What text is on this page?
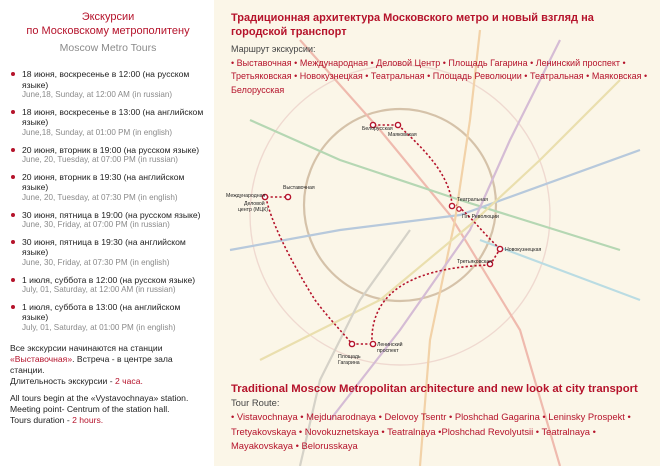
Экскурсии
по Московскому метрополитену
Moscow Metro Tours
18 июня, воскресенье в 12:00 (на русском языке)
June,18, Sunday, at 12:00 AM (in russian)
18 июня, воскресенье в 13:00 (на английском языке)
June,18, Sunday, at 01:00 PM (in english)
20 июня, вторник в 19:00 (на русском языке)
June, 20, Tuesday, at 07:00 PM (in russian)
20 июня, вторник в 19:30 (на английском языке)
June, 20, Tuesday, at 07:30 PM (in english)
30 июня, пятница в 19:00 (на русском языке)
June, 30, Friday, at 07:00 PM (in russian)
30 июня, пятница в 19:30 (на английском языке)
June, 30, Friday, at 07:30 PM (in english)
1 июля, суббота в 12:00 (на русском языке)
July, 01, Saturday, at 12:00 AM (in russian)
1 июля, суббота в 13:00 (на английском языке)
July, 01, Saturday, at 01:00 PM (in english)
Все экскурсии начинаются на станции
«Выставочная». Встреча - в центре зала станции.
Длительность экскурсии - 2 часа.
All tours begin at the «Vystavochnaya» station.
Meeting point- Centrum of the station hall.
Tours duration - 2 hours.
Белорусская
Маяковская
Международная
Выставочная
Деловой
центр (МЦК)
Театральная
Пл. Революции
Новокузнецкая
Третьяковская
Площадь
Гагарина
Ленинский
проспект
Традиционная архитектура Московского метро и новый взгляд на городской транспорт
Маршрут экскурсии:
• Выставочная • Международная • Деловой Центр • Площадь Гагарина • Ленинский проспект • Третьяковская • Новокузнецкая • Театральная • Площадь Революции • Театральная • Маяковская • Белорусская
Traditional Moscow Metropolitan architecture and new look at city transport
Tour Route:
• Vistavochnaya • Mejdunarodnaya • Delovoy Tsentr • Ploshchad Gagarina • Leninsky Prospekt • Tretyakovskaya • Novokuznetskaya • Teatralnaya •Ploshchad Revolyutsii • Teatralnaya • Mayakovskaya • Belorusskaya
